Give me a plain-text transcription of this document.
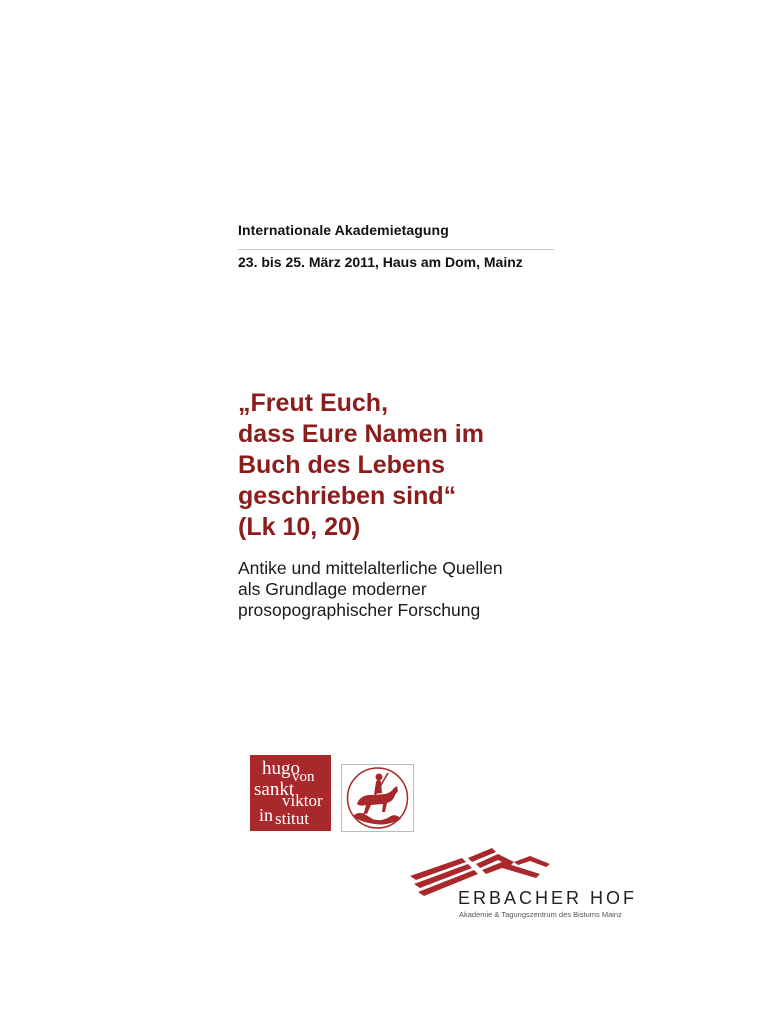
Internationale Akademietagung
23. bis 25. März 2011, Haus am Dom, Mainz
„Freut Euch,
dass Eure Namen im
Buch des Lebens
geschrieben sind“
(Lk 10, 20)
Antike und mittelalterliche Quellen
als Grundlage moderner
prosopographischer Forschung
hugo
von
sankt
viktor
in stitut
ERBACHER HOF
Akademie & Tagungszentrum des Bistums Mainz
